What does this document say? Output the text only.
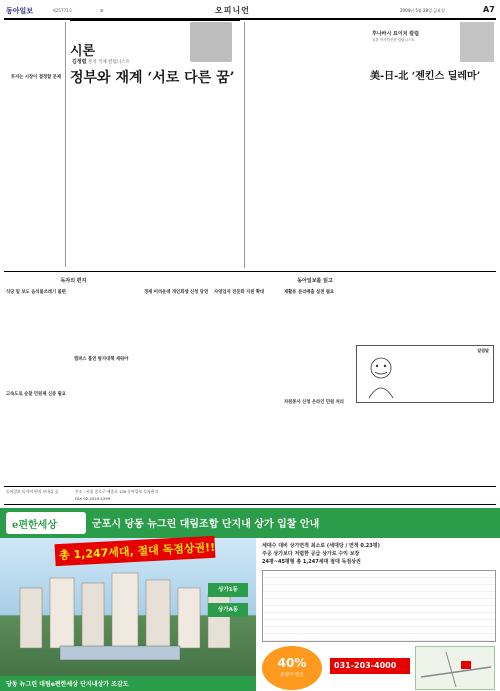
동아일보	제25772호	⑤	오피니언	2004년 5월 28일 금요일	A7
투자는 시장이 결정할 문제
시론
김정렴 본지 국제 칼럼니스트
정부와 재계 ‘서로 다른 꿈’
후나바시 요이치 칼럼
일본 아사히신문 칼럼니스트
美-日-北 ‘젠킨스 딜레마’
독자의 편지	동아일보를 읽고
식당 밑 보도 음식물쓰레기 불편
고속도로 순찰 민원제 신중 필요
캠퍼스 흡연 방지대책 세워야
경제 어려운데 개인회생 신청 당연	자영업자 전문화 지원 확대	재활용 분리배출 실천 필요
자원봉사 신청 온라인 민원 처리
알림말
동아일보 독자의 편지 보내실 곳	주소 : 서울 종로구 세종로 139 동아일보 독자편지
FAX 02-2020-1299
e편한세상	군포시 당동 뉴그린 대림조합 단지내 상가 입찰 안내
총 1,247세대, 절대 독점상권!!
상가1동
상가A동
당동 뉴그린 대림e편한세상 단지내상가 조감도
세대수 대비 상가면적 최소로 (세대당 / 면적 0.23평)
주공 상가보다 저렴한 공급 상가로 수익 보장
24평~45평형 총 1,247세대 절대 독점상권
40%
분양가 할인
031-203-4000
